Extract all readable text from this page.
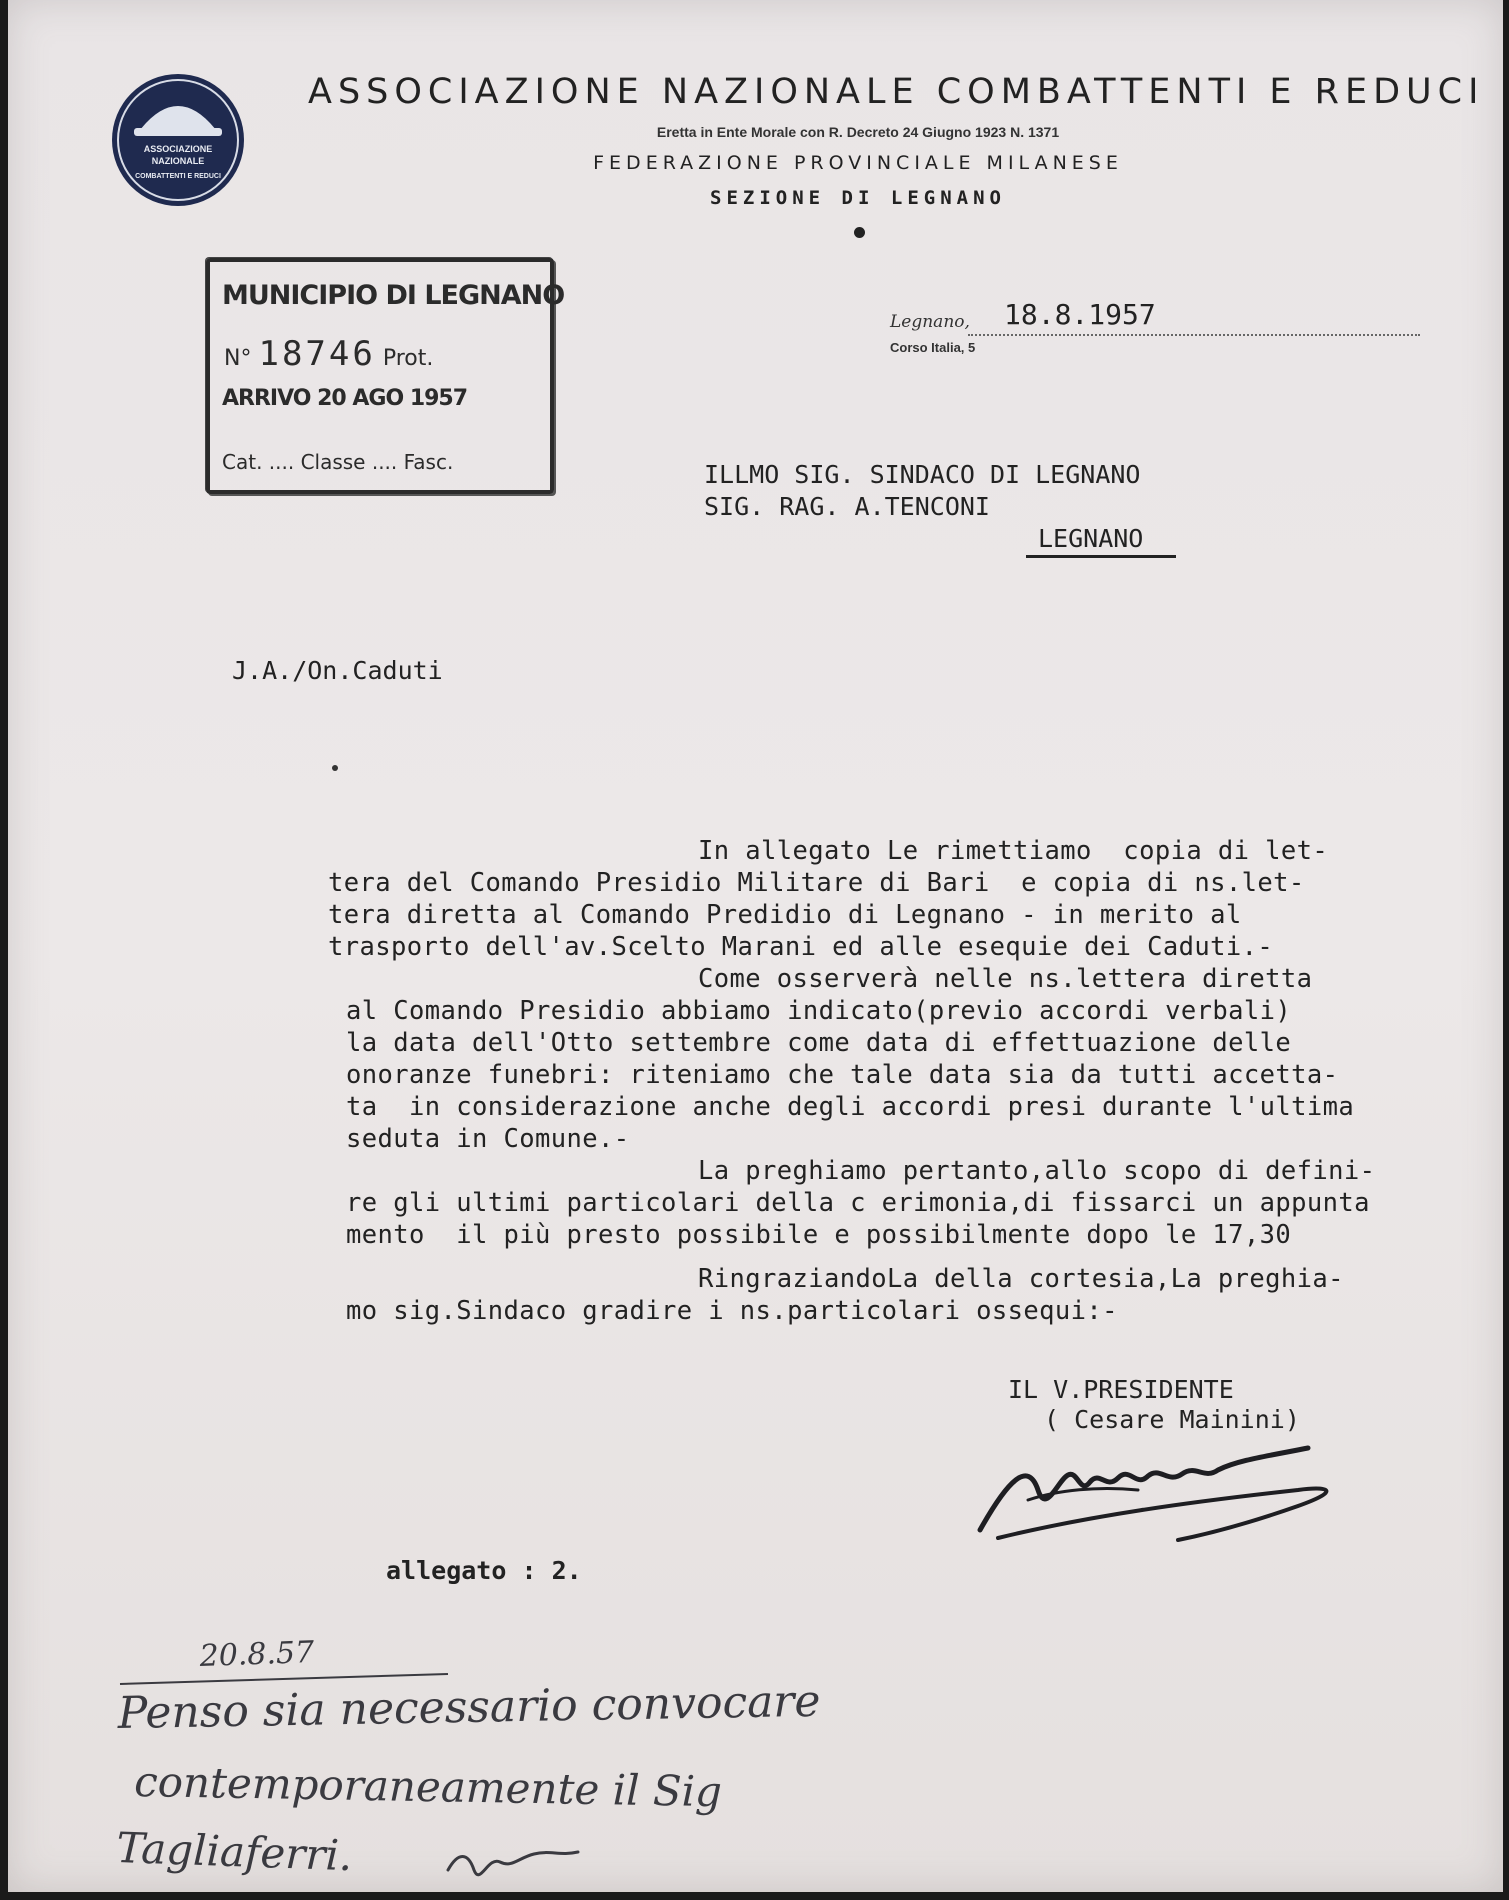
ASSOCIAZIONE
NAZIONALE
COMBATTENTI E REDUCI
ASSOCIAZIONE NAZIONALE COMBATTENTI E REDUCI
Eretta in Ente Morale con R. Decreto 24 Giugno 1923 N. 1371
FEDERAZIONE PROVINCIALE MILANESE
SEZIONE DI LEGNANO
MUNICIPIO DI LEGNANO
N° 18746 Prot.
ARRIVO 20 AGO 1957
Cat. .... Classe .... Fasc.
Legnano, 18.8.1957
Corso Italia, 5
ILLMO SIG. SINDACO DI LEGNANO
SIG. RAG. A.TENCONI
LEGNANO
J.A./On.Caduti
In allegato Le rimettiamo  copia di let-
tera del Comando Presidio Militare di Bari  e copia di ns.let-
tera diretta al Comando Predidio di Legnano - in merito al
trasporto dell'av.Scelto Marani ed alle esequie dei Caduti.-
Come osserverà nelle ns.lettera diretta
al Comando Presidio abbiamo indicato(previo accordi verbali)
la data dell'Otto settembre come data di effettuazione delle
onoranze funebri: riteniamo che tale data sia da tutti accetta-
ta  in considerazione anche degli accordi presi durante l'ultima
seduta in Comune.-
La preghiamo pertanto,allo scopo di defini-
re gli ultimi particolari della c erimonia,di fissarci un appunta
mento  il più presto possibile e possibilmente dopo le 17,30
RingraziandoLa della cortesia,La preghia-
mo sig.Sindaco gradire i ns.particolari ossequi:-
IL V.PRESIDENTE
( Cesare Mainini)
allegato : 2.
20.8.57
Penso sia necessario convocare
contemporaneamente il Sig
Tagliaferri.
